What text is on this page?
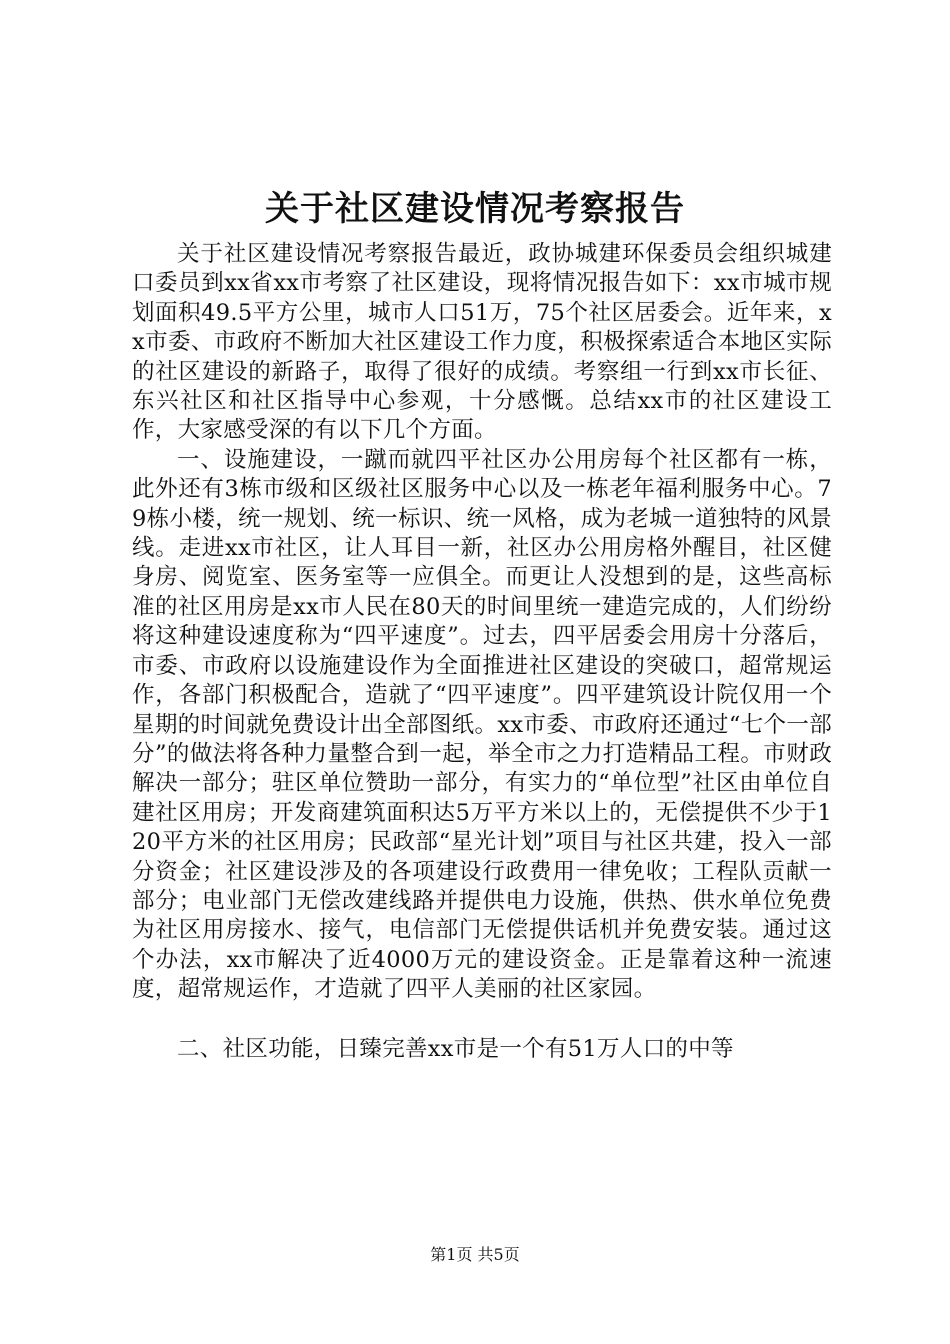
关于社区建设情况考察报告

关于社区建设情况考察报告最近，政协城建环保委员会组织城建口委员到xx省xx市考察了社区建设，现将情况报告如下：xx市城市规划面积49.5平方公里，城市人口51万，75个社区居委会。近年来，xx市委、市政府不断加大社区建设工作力度，积极探索适合本地区实际的社区建设的新路子，取得了很好的成绩。考察组一行到xx市长征、东兴社区和社区指导中心参观，十分感慨。总结xx市的社区建设工作，大家感受深的有以下几个方面。

一、设施建设，一蹴而就四平社区办公用房每个社区都有一栋，此外还有3栋市级和区级社区服务中心以及一栋老年福利服务中心。79栋小楼，统一规划、统一标识、统一风格，成为老城一道独特的风景线。走进xx市社区，让人耳目一新，社区办公用房格外醒目，社区健身房、阅览室、医务室等一应俱全。而更让人没想到的是，这些高标准的社区用房是xx市人民在80天的时间里统一建造完成的，人们纷纷将这种建设速度称为“四平速度”。过去，四平居委会用房十分落后，市委、市政府以设施建设作为全面推进社区建设的突破口，超常规运作，各部门积极配合，造就了“四平速度”。四平建筑设计院仅用一个星期的时间就免费设计出全部图纸。xx市委、市政府还通过“七个一部分”的做法将各种力量整合到一起，举全市之力打造精品工程。市财政解决一部分；驻区单位赞助一部分，有实力的“单位型”社区由单位自建社区用房；开发商建筑面积达5万平方米以上的，无偿提供不少于120平方米的社区用房；民政部“星光计划”项目与社区共建，投入一部分资金；社区建设涉及的各项建设行政费用一律免收；工程队贡献一部分；电业部门无偿改建线路并提供电力设施，供热、供水单位免费为社区用房接水、接气，电信部门无偿提供话机并免费安装。通过这个办法，xx市解决了近4000万元的建设资金。正是靠着这种一流速度，超常规运作，才造就了四平人美丽的社区家园。

二、社区功能，日臻完善xx市是一个有51万人口的中等

第1页 共5页
